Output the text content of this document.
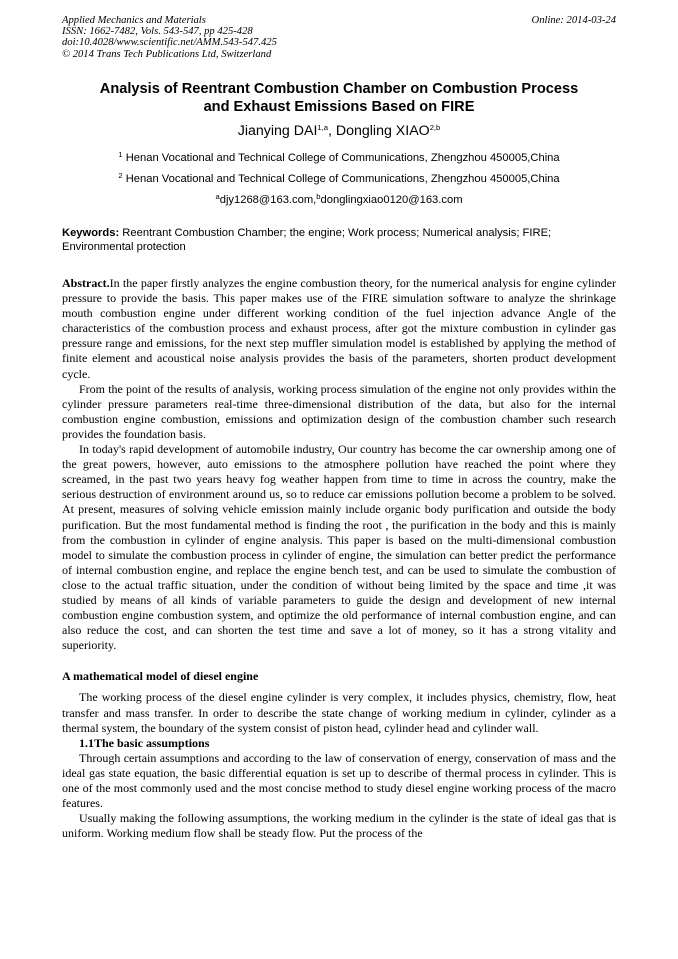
Applied Mechanics and Materials
ISSN: 1662-7482, Vols. 543-547, pp 425-428
doi:10.4028/www.scientific.net/AMM.543-547.425
© 2014 Trans Tech Publications Ltd, Switzerland
Online: 2014-03-24
Analysis of Reentrant Combustion Chamber on Combustion Process
and Exhaust Emissions Based on FIRE
Jianying DAI$^{1,a}$, Dongling XIAO$^{2,b}$
$^1$ Henan Vocational and Technical College of Communications, Zhengzhou 450005,China
$^2$ Henan Vocational and Technical College of Communications, Zhengzhou 450005,China
$^a$djy1268@163.com,$^b$donglingxiao0120@163.com
Keywords: Reentrant Combustion Chamber; the engine; Work process; Numerical analysis; FIRE; Environmental protection

Abstract.In the paper firstly analyzes the engine combustion theory, for the numerical analysis for engine cylinder pressure to provide the basis. This paper makes use of the FIRE simulation software to analyze the shrinkage mouth combustion engine under different working condition of the fuel injection advance Angle of the characteristics of the combustion process and exhaust process, after got the mixture combustion in cylinder gas pressure range and emissions, for the next step muffler simulation model is established by applying the method of finite element and acoustical noise analysis provides the basis of the parameters, shorten product development cycle.

From the point of the results of analysis, working process simulation of the engine not only provides within the cylinder pressure parameters real-time three-dimensional distribution of the data, but also for the internal combustion engine combustion, emissions and optimization design of the combustion chamber such research provides the foundation basis.

In today's rapid development of automobile industry, Our country has become the car ownership among one of the great powers, however, auto emissions to the atmosphere pollution have reached the point where they screamed, in the past two years heavy fog weather happen from time to time in across the country, make the serious destruction of environment around us, so to reduce car emissions pollution become a problem to be solved. At present, measures of solving vehicle emission mainly include organic body purification and outside the body purification. But the most fundamental method is finding the root , the purification in the body and this is mainly from the combustion in cylinder of engine analysis. This paper is based on the multi-dimensional combustion model to simulate the combustion process in cylinder of engine, the simulation can better predict the performance of internal combustion engine, and replace the engine bench test, and can be used to simulate the combustion of close to the actual traffic situation, under the condition of without being limited by the space and time ,it was studied by means of all kinds of variable parameters to guide the design and development of new internal combustion engine combustion system, and optimize the old performance of internal combustion engine, and can also reduce the cost, and can shorten the test time and save a lot of money, so it has a strong vitality and superiority.

A mathematical model of diesel engine

The working process of the diesel engine cylinder is very complex, it includes physics, chemistry, flow, heat transfer and mass transfer. In order to describe the state change of working medium in cylinder, cylinder as a thermal system, the boundary of the system consist of piston head, cylinder head and cylinder wall.

1.1The basic assumptions

Through certain assumptions and according to the law of conservation of energy, conservation of mass and the ideal gas state equation, the basic differential equation is set up to describe of thermal process in cylinder. This is one of the most commonly used and the most concise method to study diesel engine working process of the macro features.

Usually making the following assumptions, the working medium in the cylinder is the state of ideal gas that is uniform. Working medium flow shall be steady flow. Put the process of the
